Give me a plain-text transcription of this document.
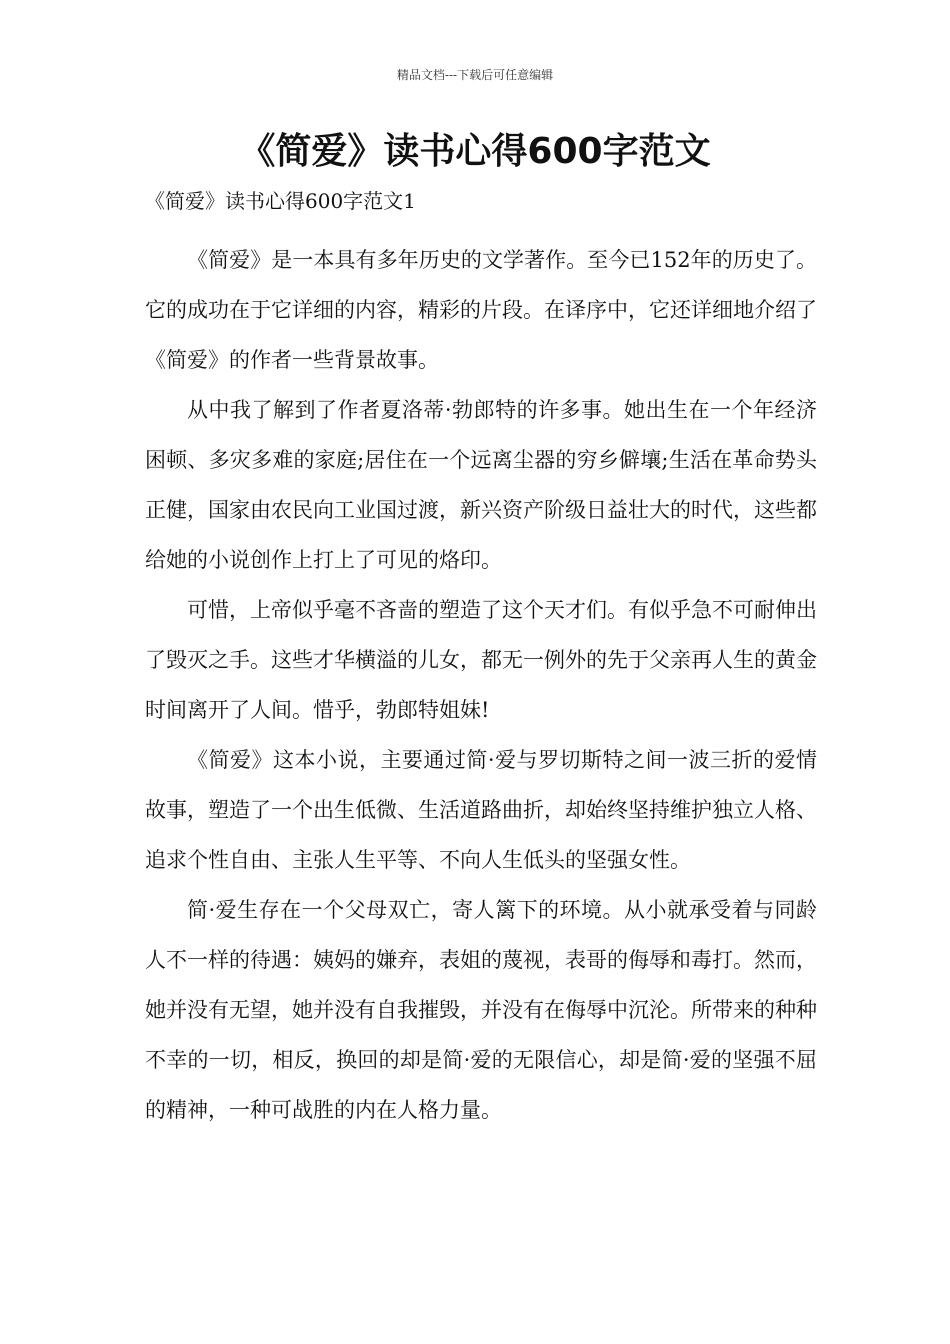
精品文档---下载后可任意编辑
《简爱》读书心得600字范文
《简爱》读书心得600字范文1

《简爱》是一本具有多年历史的文学著作。至今已152年的历史了。它的成功在于它详细的内容，精彩的片段。在译序中，它还详细地介绍了《简爱》的作者一些背景故事。

从中我了解到了作者夏洛蒂·勃郎特的许多事。她出生在一个年经济困顿、多灾多难的家庭;居住在一个远离尘器的穷乡僻壤;生活在革命势头正健，国家由农民向工业国过渡，新兴资产阶级日益壮大的时代，这些都给她的小说创作上打上了可见的烙印。

可惜，上帝似乎毫不吝啬的塑造了这个天才们。有似乎急不可耐伸出了毁灭之手。这些才华横溢的儿女，都无一例外的先于父亲再人生的黄金时间离开了人间。惜乎，勃郎特姐妹!

《简爱》这本小说，主要通过简·爱与罗切斯特之间一波三折的爱情故事，塑造了一个出生低微、生活道路曲折，却始终坚持维护独立人格、追求个性自由、主张人生平等、不向人生低头的坚强女性。

简·爱生存在一个父母双亡，寄人篱下的环境。从小就承受着与同龄人不一样的待遇：姨妈的嫌弃，表姐的蔑视，表哥的侮辱和毒打。然而，她并没有无望，她并没有自我摧毁，并没有在侮辱中沉沦。所带来的种种不幸的一切，相反，换回的却是简·爱的无限信心，却是简·爱的坚强不屈的精神，一种可战胜的内在人格力量。
